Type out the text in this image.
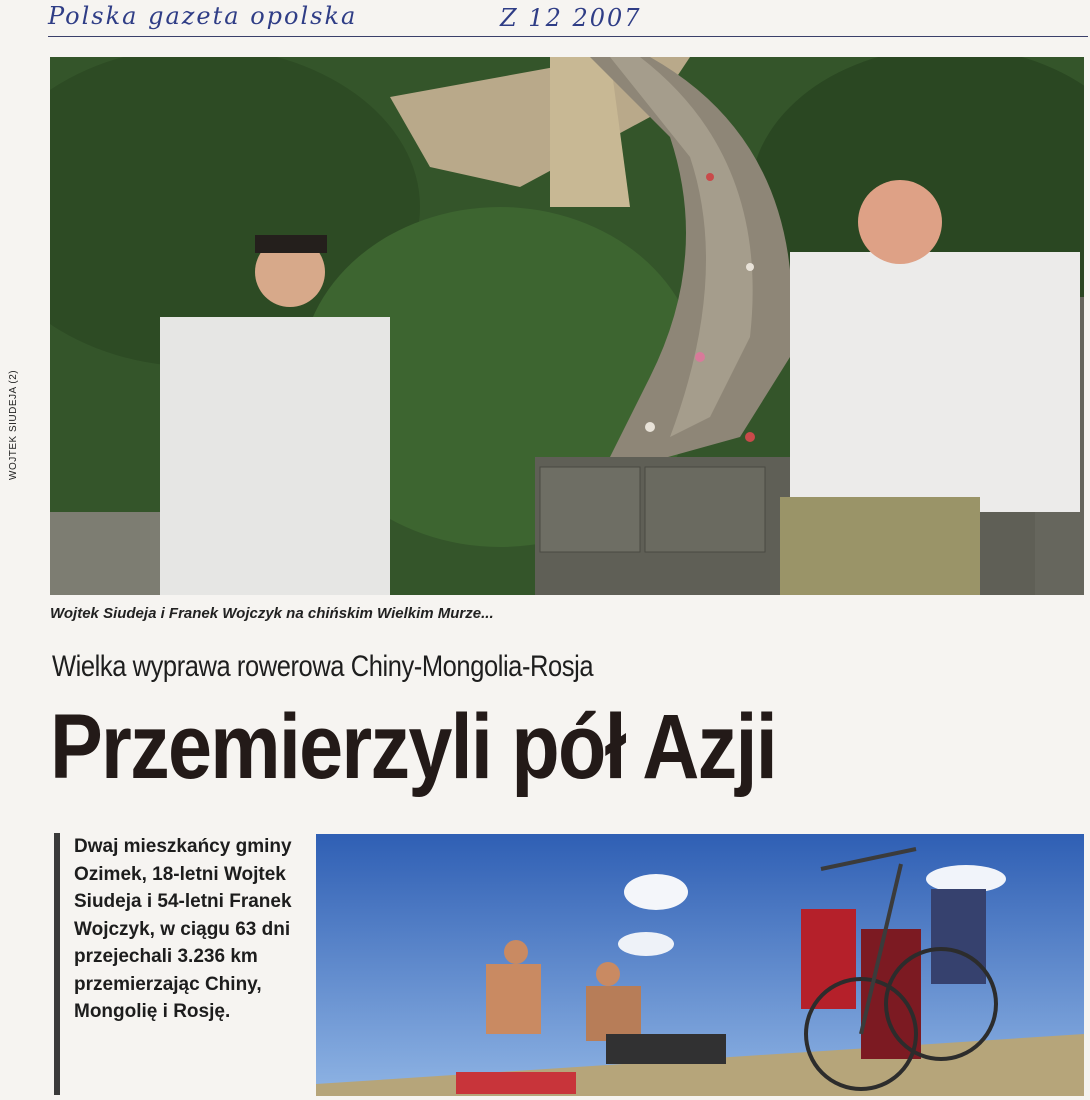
Polska gazeta opolska	Z 12 2007
WOJTEK SIUDEJA (2)
Wojtek Siudeja i Franek Wojczyk na chińskim Wielkim Murze...
Wielka wyprawa rowerowa Chiny-Mongolia-Rosja
Przemierzyli pół Azji
Dwaj mieszkańcy gminy Ozimek, 18-letni Wojtek Siudeja i 54-letni Franek Wojczyk, w ciągu 63 dni przejechali 3.236 km przemierzając Chiny, Mongolię i Rosję.
